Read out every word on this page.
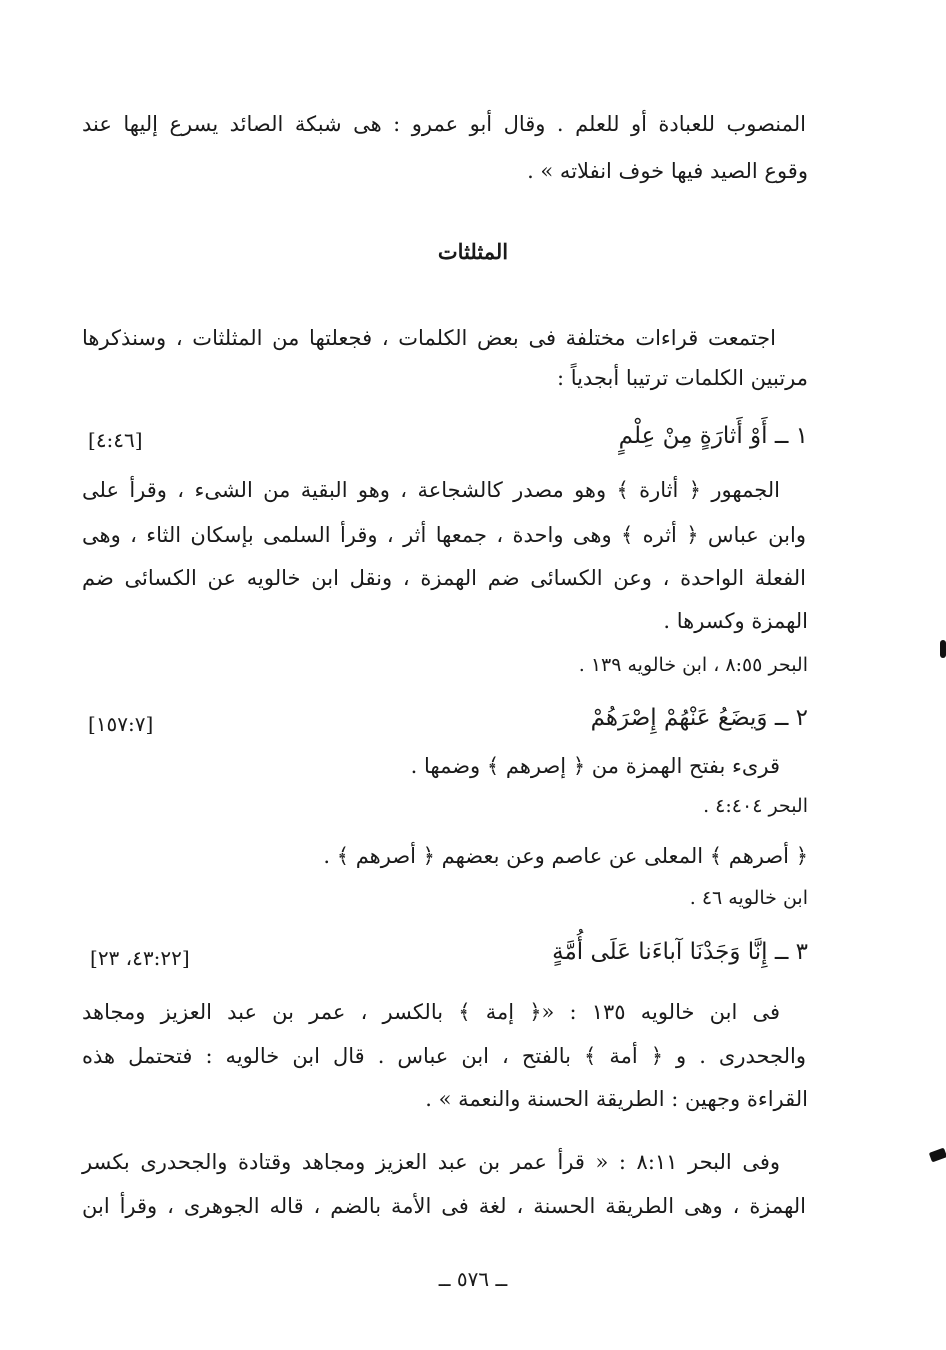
المنصوب للعبادة أو للعلم . وقال أبو عمرو : هى شبكة الصائد يسرع إليها عند
وقوع الصيد فيها خوف انفلاته » .
المثلثات
اجتمعت قراءات مختلفة فى بعض الكلمات ، فجعلتها من المثلثات ، وسنذكرها
مرتبين الكلمات ترتيبا أبجدياً :
١ ــ أَوْ أَثارَةٍ مِنْ عِلْمٍ
[٤:٤٦]
الجمهور ﴿ أثارة ﴾ وهو مصدر كالشجاعة ، وهو البقية من الشىء ، وقرأ على
وابن عباس ﴿ أثره ﴾ وهى واحدة ، جمعها أثر ، وقرأ السلمى بإسكان الثاء ، وهى
الفعلة الواحدة ، وعن الكسائى ضم الهمزة ، ونقل ابن خالويه عن الكسائى ضم
الهمزة وكسرها .
البحر ٨:٥٥ ، ابن خالويه ١٣٩ .
٢ ــ وَيضَعُ عَنْهُمْ إِصْرَهُمْ
[١٥٧:٧]
قرىء بفتح الهمزة من ﴿ إصرهم ﴾ وضمها .
البحر ٤:٤٠٤ .
﴿ أصرهم ﴾ المعلى عن عاصم وعن بعضهم ﴿ أصرهم ﴾ .
ابن خالويه ٤٦ .
٣ ــ إِنَّا وَجَدْنَا آباءَنا عَلَى أُمَّةٍ
[٤٣:٢٢، ٢٣]
فى ابن خالويه ١٣٥ : «﴿ إمة ﴾ بالكسر ، عمر بن عبد العزيز ومجاهد
والجحدرى . و ﴿ أمة ﴾ بالفتح ، ابن عباس . قال ابن خالويه : فتحتمل هذه
القراءة وجهين : الطريقة الحسنة والنعمة » .
وفى البحر ٨:١١ : « قرأ عمر بن عبد العزيز ومجاهد وقتادة والجحدرى بكسر
الهمزة ، وهى الطريقة الحسنة ، لغة فى الأمة بالضم ، قاله الجوهرى ، وقرأ ابن
ــ ٥٧٦ ــ
